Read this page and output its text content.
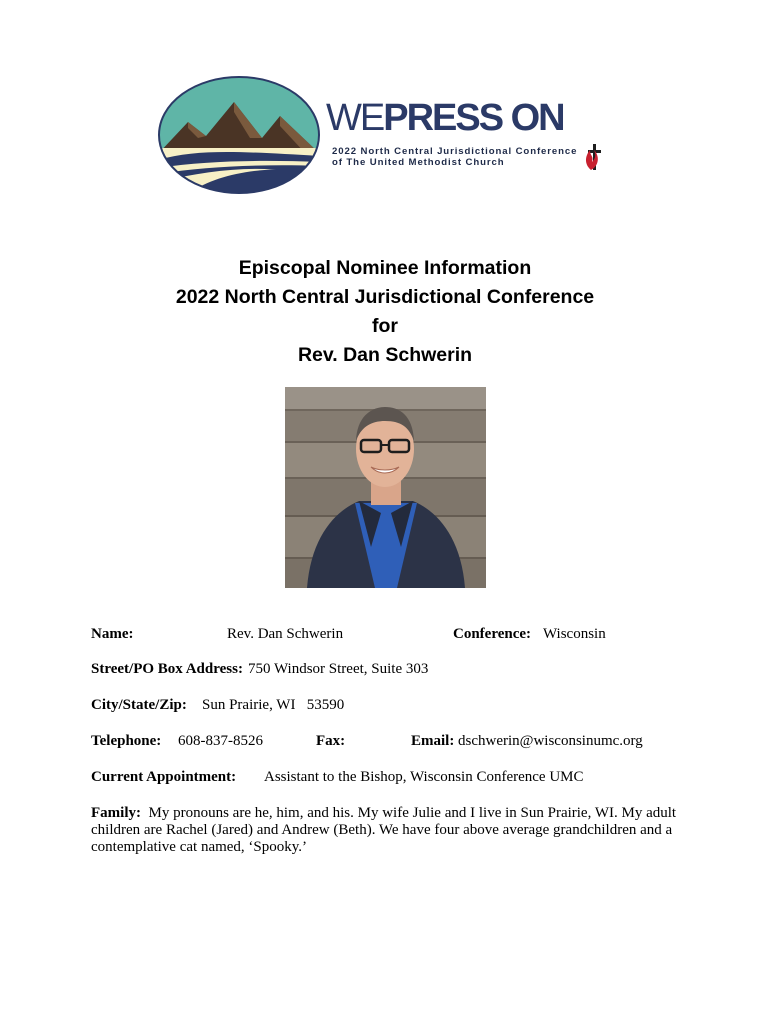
WEPRESS ON
2022 North Central Jurisdictional Conference
of The United Methodist Church
Episcopal Nominee Information
2022 North Central Jurisdictional Conference
for
Rev. Dan Schwerin
Name:	Rev. Dan Schwerin	Conference: Wisconsin
Street/PO Box Address: 750 Windsor Street, Suite 303
City/State/Zip: Sun Prairie, WI   53590
Telephone: 608-837-8526	Fax:	Email: dschwerin@wisconsinumc.org
Current Appointment: Assistant to the Bishop, Wisconsin Conference UMC
Family: My pronouns are he, him, and his. My wife Julie and I live in Sun Prairie, WI. My adult children are Rachel (Jared) and Andrew (Beth). We have four above average grandchildren and a contemplative cat named, ‘Spooky.’
